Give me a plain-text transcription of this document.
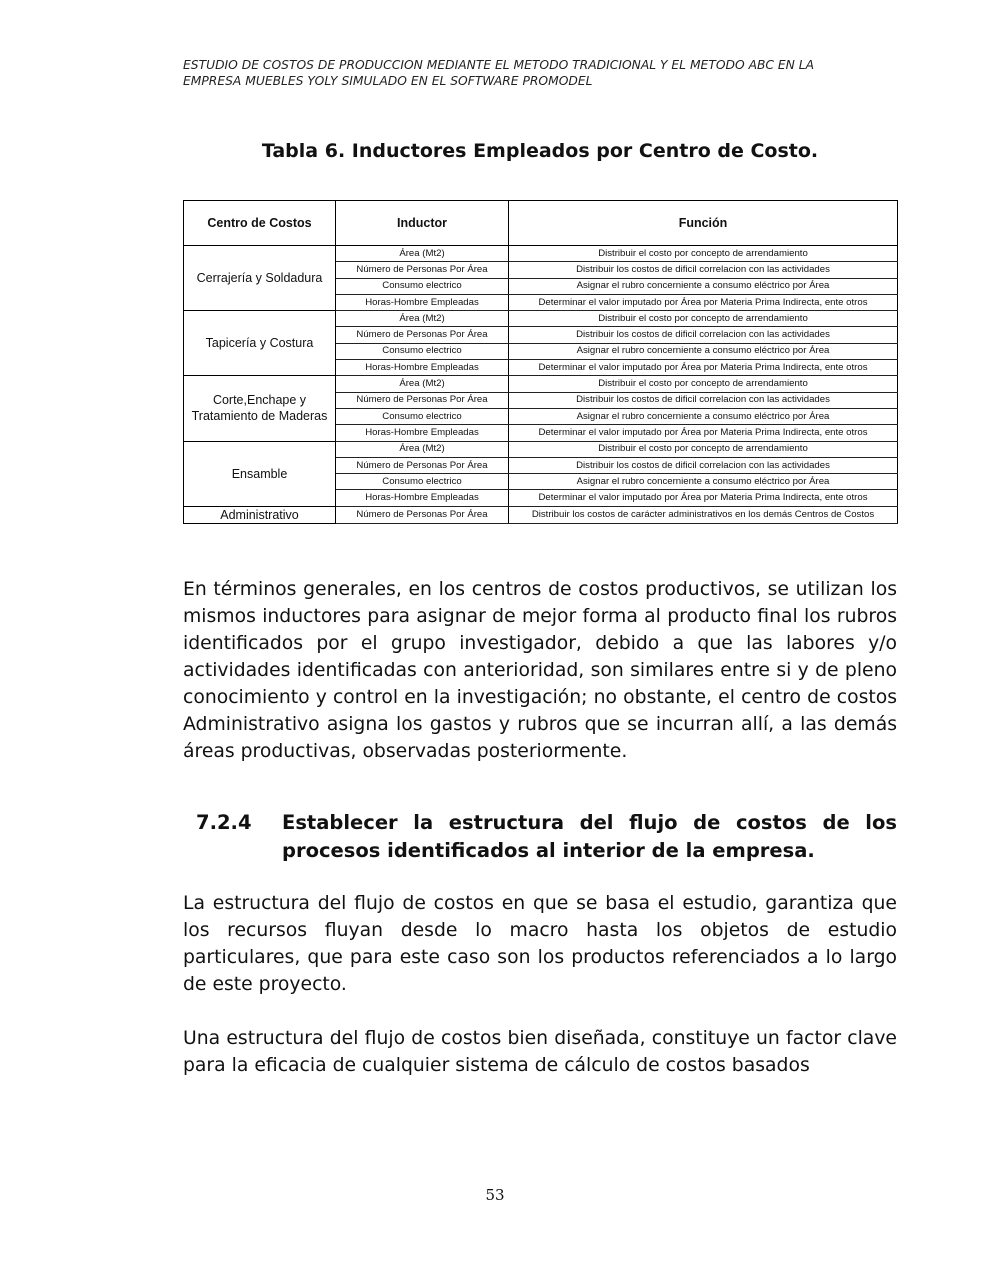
ESTUDIO DE COSTOS DE PRODUCCION MEDIANTE EL METODO TRADICIONAL Y EL METODO ABC EN LA
EMPRESA MUEBLES YOLY SIMULADO EN EL SOFTWARE PROMODEL
Tabla 6. Inductores Empleados por Centro de Costo.
Centro de Costos	Inductor	Función
Cerrajería y Soldadura	Área (Mt2)	Distribuir el costo por concepto de arrendamiento
	Número de Personas Por Área	Distribuir los costos de dificil correlacion con las actividades
	Consumo electrico	Asignar el rubro concerniente a consumo eléctrico por Área
	Horas-Hombre Empleadas	Determinar el valor imputado por Área por Materia Prima Indirecta, ente otros
Tapicería y Costura	Área (Mt2)	Distribuir el costo por concepto de arrendamiento
	Número de Personas Por Área	Distribuir los costos de dificil correlacion con las actividades
	Consumo electrico	Asignar el rubro concerniente a consumo eléctrico por Área
	Horas-Hombre Empleadas	Determinar el valor imputado por Área por Materia Prima Indirecta, ente otros
Corte,Enchape y Tratamiento de Maderas	Área (Mt2)	Distribuir el costo por concepto de arrendamiento
	Número de Personas Por Área	Distribuir los costos de dificil correlacion con las actividades
	Consumo electrico	Asignar el rubro concerniente a consumo eléctrico por Área
	Horas-Hombre Empleadas	Determinar el valor imputado por Área por Materia Prima Indirecta, ente otros
Ensamble	Área (Mt2)	Distribuir el costo por concepto de arrendamiento
	Número de Personas Por Área	Distribuir los costos de dificil correlacion con las actividades
	Consumo electrico	Asignar el rubro concerniente a consumo eléctrico por Área
	Horas-Hombre Empleadas	Determinar el valor imputado por Área por Materia Prima Indirecta, ente otros
Administrativo	Número de Personas Por Área	Distribuir los costos de carácter administrativos en los demás Centros de Costos
En términos generales, en los centros de costos productivos, se utilizan los mismos inductores para asignar de mejor forma al producto final los rubros identificados por el grupo investigador, debido a que las labores y/o actividades identificadas con anterioridad, son similares entre si y de pleno conocimiento y control en la investigación; no obstante, el centro de costos Administrativo asigna los gastos y rubros que se incurran allí, a las demás áreas productivas, observadas posteriormente.
7.2.4 Establecer la estructura del flujo de costos de los procesos identificados al interior de la empresa.
La estructura del flujo de costos en que se basa el estudio, garantiza que los recursos fluyan desde lo macro hasta los objetos de estudio particulares, que para este caso son los productos referenciados a lo largo de este proyecto.
Una estructura del flujo de costos bien diseñada, constituye un factor clave para la eficacia de cualquier sistema de cálculo de costos basados
53
